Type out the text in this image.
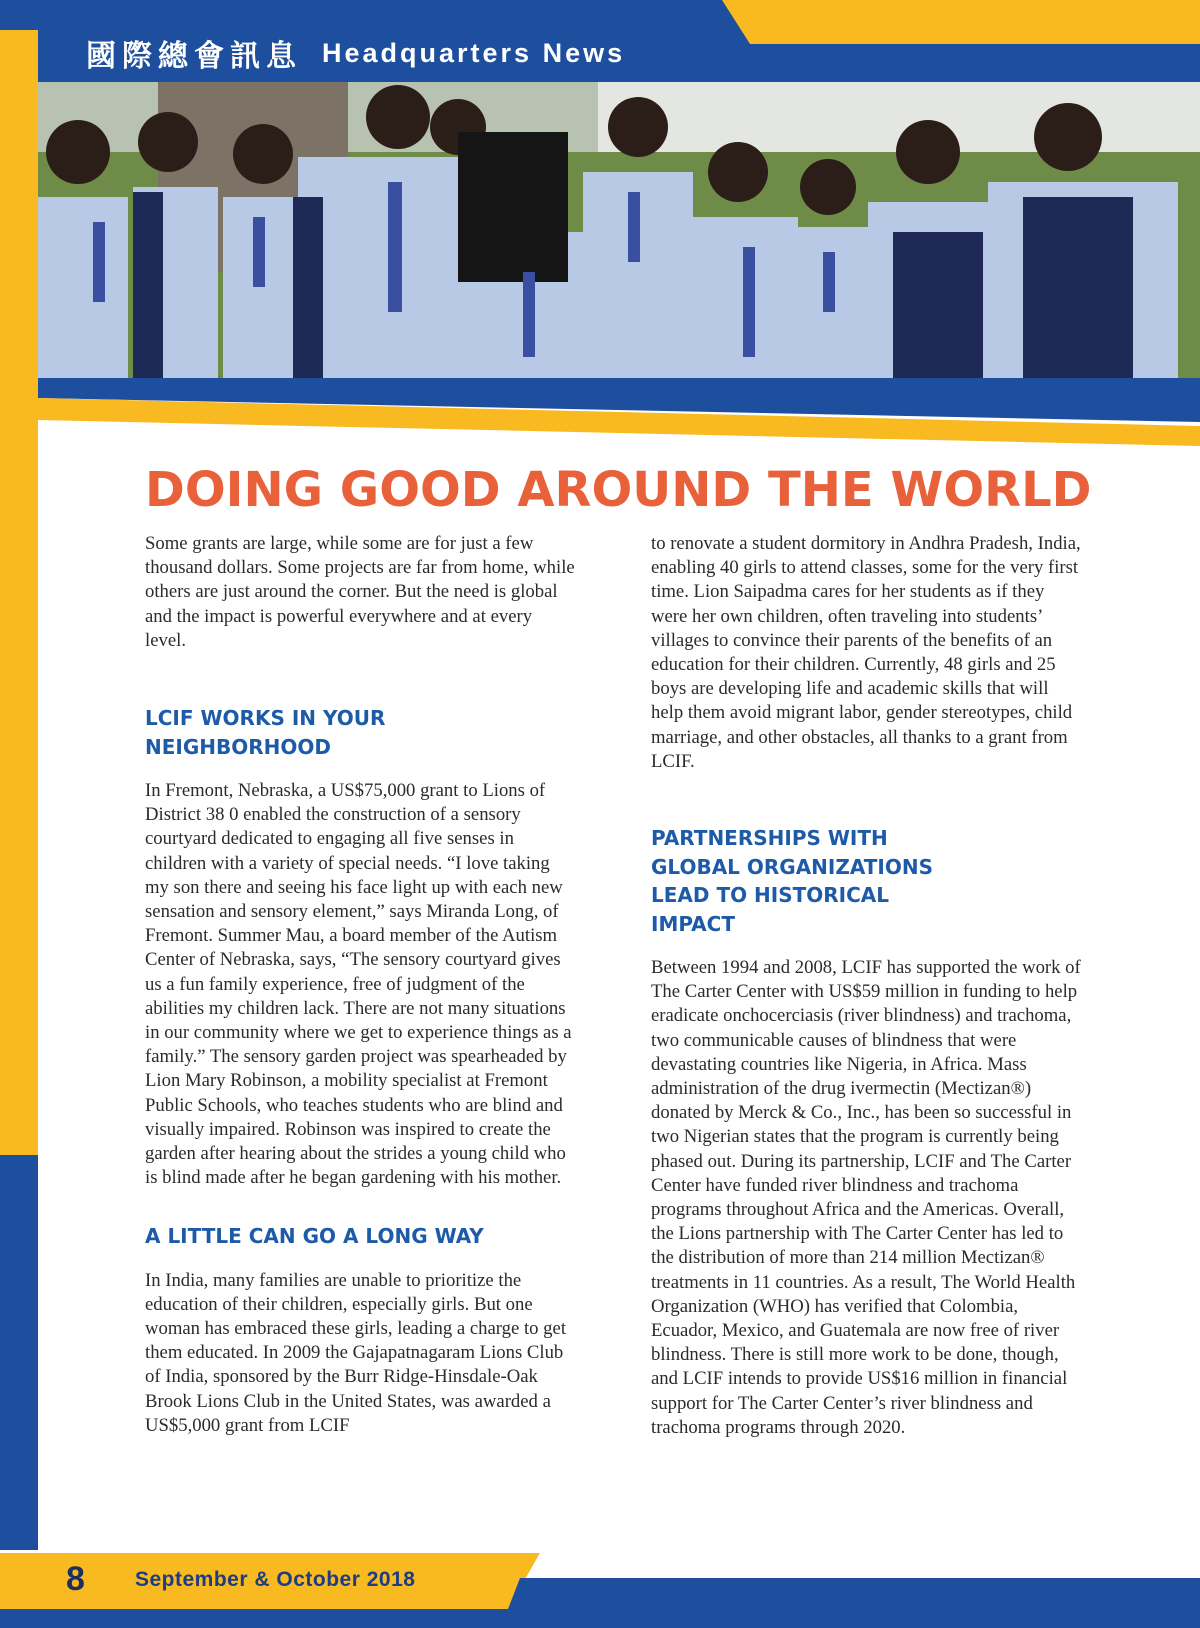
國際總會訊息 Headquarters News
DOING GOOD AROUND THE WORLD

Some grants are large, while some are for just a few thousand dollars. Some projects are far from home, while others are just around the corner. But the need is global and the impact is powerful everywhere and at every level.

LCIF WORKS IN YOUR NEIGHBORHOOD

In Fremont, Nebraska, a US$75,000 grant to Lions of District 38 0 enabled the construction of a sensory courtyard dedicated to engaging all five senses in children with a variety of special needs. “I love taking my son there and seeing his face light up with each new sensation and sensory element,” says Miranda Long, of Fremont. Summer Mau, a board member of the Autism Center of Nebraska, says, “The sensory courtyard gives us a fun family experience, free of judgment of the abilities my children lack. There are not many situations in our community where we get to experience things as a family.” The sensory garden project was spearheaded by Lion Mary Robinson, a mobility specialist at Fremont Public Schools, who teaches students who are blind and visually impaired. Robinson was inspired to create the garden after hearing about the strides a young child who is blind made after he began gardening with his mother.

A LITTLE CAN GO A LONG WAY

In India, many families are unable to prioritize the education of their children, especially girls. But one woman has embraced these girls, leading a charge to get them educated. In 2009 the Gajapatnagaram Lions Club of India, sponsored by the Burr Ridge-Hinsdale-Oak Brook Lions Club in the United States, was awarded a US$5,000 grant from LCIF

to renovate a student dormitory in Andhra Pradesh, India, enabling 40 girls to attend classes, some for the very first time. Lion Saipadma cares for her students as if they were her own children, often traveling into students’ villages to convince their parents of the benefits of an education for their children. Currently, 48 girls and 25 boys are developing life and academic skills that will help them avoid migrant labor, gender stereotypes, child marriage, and other obstacles, all thanks to a grant from LCIF.

PARTNERSHIPS WITH GLOBAL ORGANIZATIONS LEAD TO HISTORICAL IMPACT

Between 1994 and 2008, LCIF has supported the work of The Carter Center with US$59 million in funding to help eradicate onchocerciasis (river blindness) and trachoma, two communicable causes of blindness that were devastating countries like Nigeria, in Africa. Mass administration of the drug ivermectin (Mectizan®) donated by Merck & Co., Inc., has been so successful in two Nigerian states that the program is currently being phased out. During its partnership, LCIF and The Carter Center have funded river blindness and trachoma programs throughout Africa and the Americas. Overall, the Lions partnership with The Carter Center has led to the distribution of more than 214 million Mectizan® treatments in 11 countries. As a result, The World Health Organization (WHO) has verified that Colombia, Ecuador, Mexico, and Guatemala are now free of river blindness. There is still more work to be done, though, and LCIF intends to provide US$16 million in financial support for The Carter Center’s river blindness and trachoma programs through 2020.

8 September & October 2018
